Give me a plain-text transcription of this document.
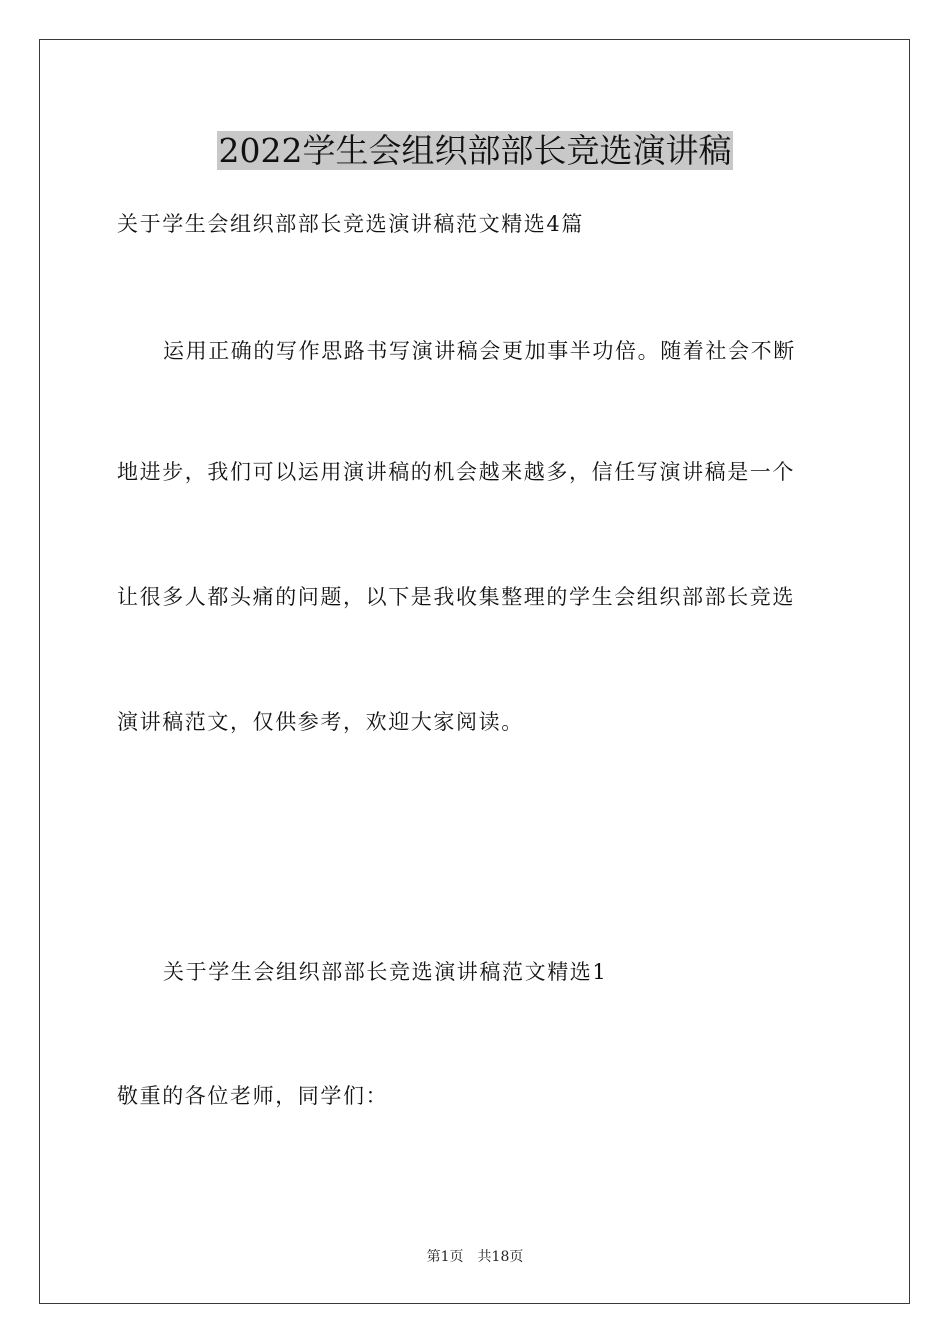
2022学生会组织部部长竞选演讲稿

关于学生会组织部部长竞选演讲稿范文精选4篇

运用正确的写作思路书写演讲稿会更加事半功倍。随着社会不断

地进步，我们可以运用演讲稿的机会越来越多，信任写演讲稿是一个

让很多人都头痛的问题，以下是我收集整理的学生会组织部部长竞选

演讲稿范文，仅供参考，欢迎大家阅读。

关于学生会组织部部长竞选演讲稿范文精选1

敬重的各位老师，同学们：

第1页 共18页
